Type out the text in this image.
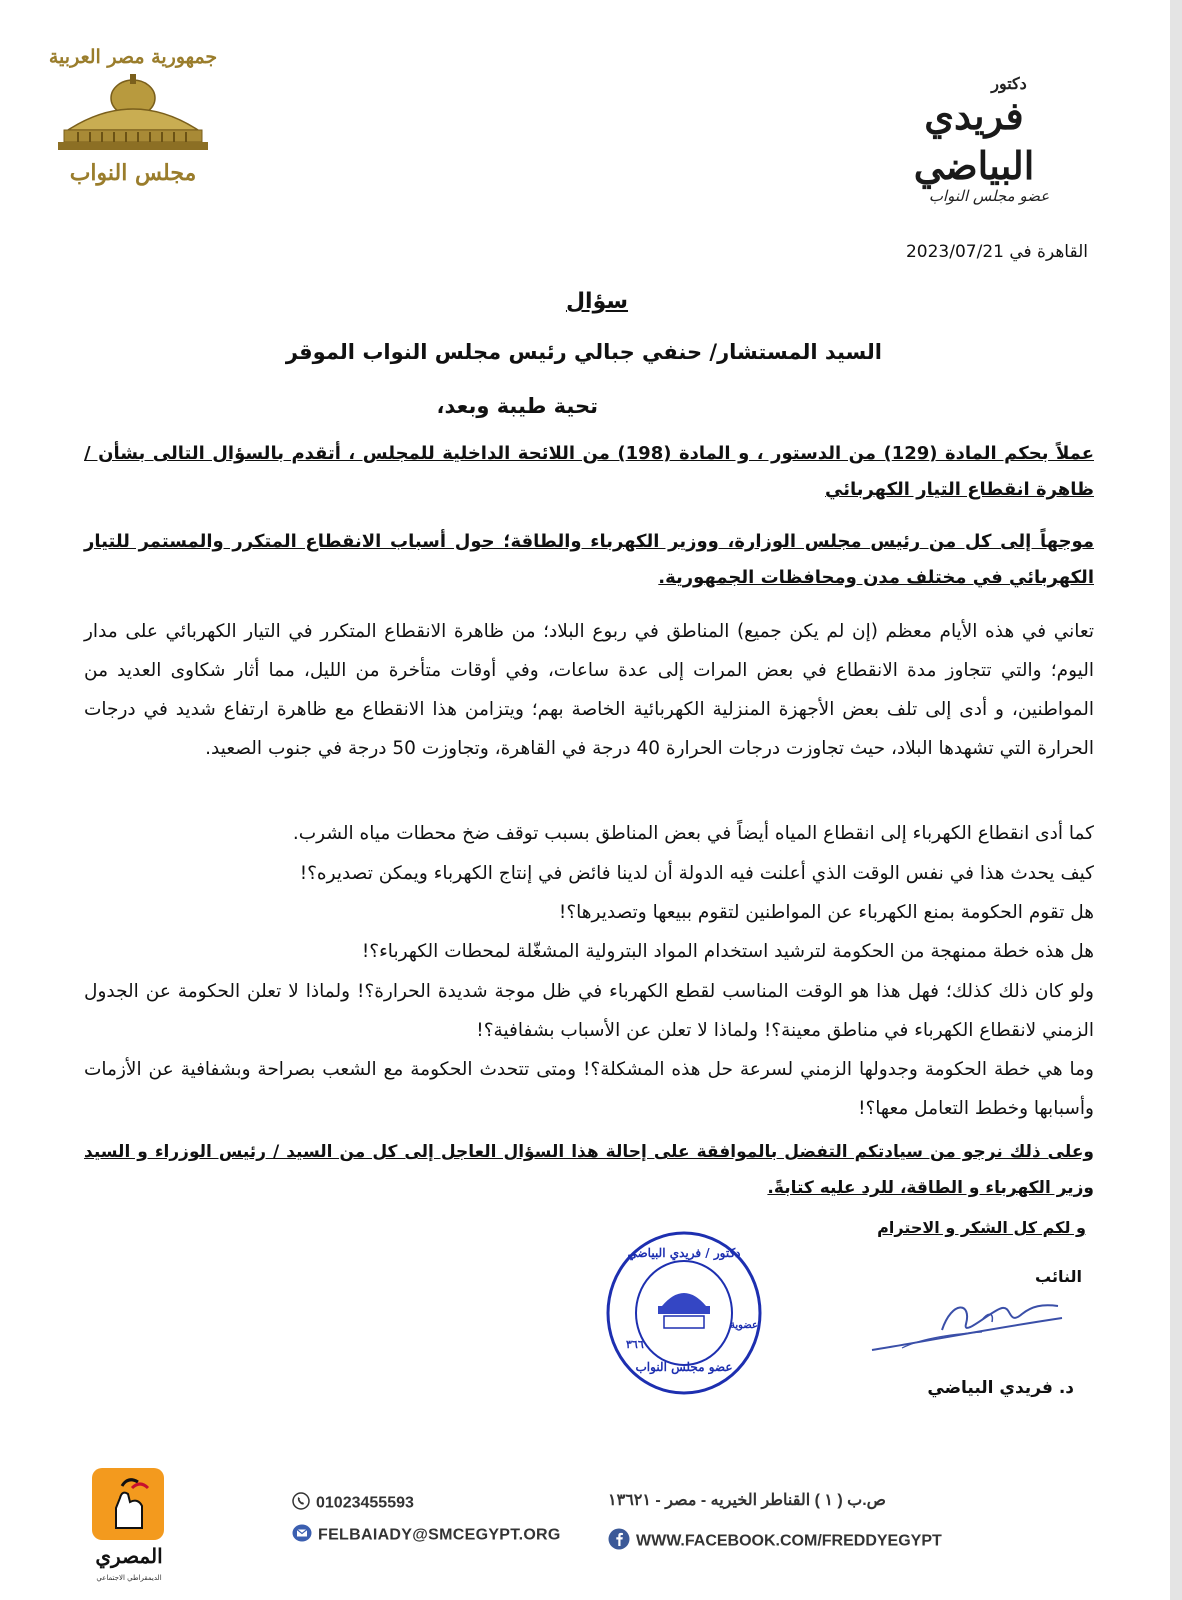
جمهورية مصر العربية
مجلس النواب
دكتور
فريدي البياضي
عضو مجلس النواب
القاهرة في 2023/07/21
سؤال
السيد المستشار/ حنفي جبالي رئيس مجلس النواب الموقر
تحية طيبة وبعد،
عملاً بحكم المادة (129) من الدستور ، و المادة (198) من اللائحة الداخلية للمجلس ، أتقدم بالسؤال التالى بشأن / ظاهرة انقطاع التيار الكهربائي
موجهاً إلى كل من رئيس مجلس الوزارة، ووزير الكهرباء والطاقة؛ حول أسباب الانقطاع المتكرر والمستمر للتيار الكهربائي في مختلف مدن ومحافظات الجمهورية.
تعاني في هذه الأيام معظم (إن لم يكن جميع) المناطق في ربوع البلاد؛ من ظاهرة الانقطاع المتكرر في التيار الكهربائي على مدار اليوم؛ والتي تتجاوز مدة الانقطاع في بعض المرات إلى عدة ساعات، وفي أوقات متأخرة من الليل، مما أثار شكاوى العديد من المواطنين، و أدى إلى تلف بعض الأجهزة المنزلية الكهربائية الخاصة بهم؛ ويتزامن هذا الانقطاع مع ظاهرة ارتفاع شديد في درجات الحرارة التي تشهدها البلاد، حيث تجاوزت درجات الحرارة 40 درجة في القاهرة، وتجاوزت 50 درجة في جنوب الصعيد.
كما أدى انقطاع الكهرباء إلى انقطاع المياه أيضاً في بعض المناطق بسبب توقف ضخ محطات مياه الشرب.
كيف يحدث هذا في نفس الوقت الذي أعلنت فيه الدولة أن لدينا فائض في إنتاج الكهرباء ويمكن تصديره؟!
هل تقوم الحكومة بمنع الكهرباء عن المواطنين لتقوم ببيعها وتصديرها؟!
هل هذه خطة ممنهجة من الحكومة لترشيد استخدام المواد البترولية المشغّلة لمحطات الكهرباء؟!
ولو كان ذلك كذلك؛ فهل هذا هو الوقت المناسب لقطع الكهرباء في ظل موجة شديدة الحرارة؟! ولماذا لا تعلن الحكومة عن الجدول الزمني لانقطاع الكهرباء في مناطق معينة؟! ولماذا لا تعلن عن الأسباب بشفافية؟!
وما هي خطة الحكومة وجدولها الزمني لسرعة حل هذه المشكلة؟! ومتى تتحدث الحكومة مع الشعب بصراحة وبشفافية عن الأزمات وأسبابها وخطط التعامل معها؟!
وعلى ذلك نرجو من سيادتكم التفضل بالموافقة على إحالة هذا السؤال العاجل إلى كل من السيد / رئيس الوزراء و السيد وزير الكهرباء و الطاقة، للرد عليه كتابةً.
و لكم كل الشكر و الاحترام
النائب
د. فريدي البياضي
دكتور / فريدي البياضي
عضوية
٣٦٦
عضو مجلس النواب
المصري
الديمقراطي الاجتماعي
01023455593
FELBAIADY@SMCEGYPT.ORG
ص.ب ( ١ ) القناطر الخيريه - مصر - ١٣٦٢١
WWW.FACEBOOK.COM/FREDDYEGYPT
